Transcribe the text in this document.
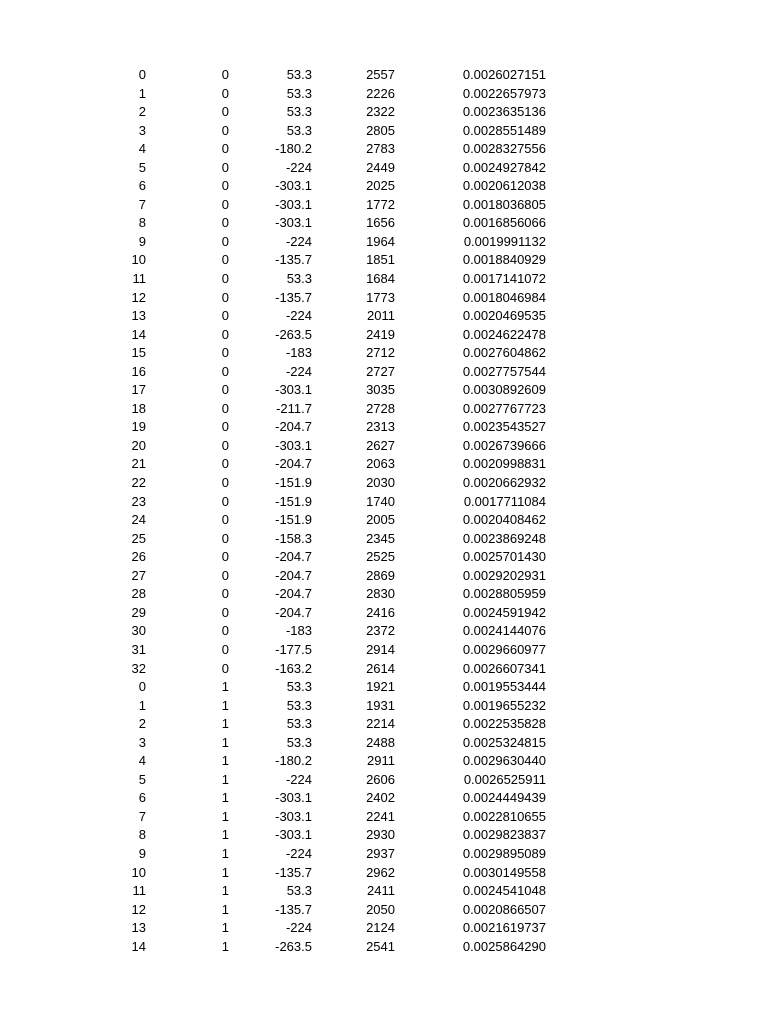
0	0	53.3	2557	0.0026027151
1	0	53.3	2226	0.0022657973
2	0	53.3	2322	0.0023635136
3	0	53.3	2805	0.0028551489
4	0	-180.2	2783	0.0028327556
5	0	-224	2449	0.0024927842
6	0	-303.1	2025	0.0020612038
7	0	-303.1	1772	0.0018036805
8	0	-303.1	1656	0.0016856066
9	0	-224	1964	0.0019991132
10	0	-135.7	1851	0.0018840929
11	0	53.3	1684	0.0017141072
12	0	-135.7	1773	0.0018046984
13	0	-224	2011	0.0020469535
14	0	-263.5	2419	0.0024622478
15	0	-183	2712	0.0027604862
16	0	-224	2727	0.0027757544
17	0	-303.1	3035	0.0030892609
18	0	-211.7	2728	0.0027767723
19	0	-204.7	2313	0.0023543527
20	0	-303.1	2627	0.0026739666
21	0	-204.7	2063	0.0020998831
22	0	-151.9	2030	0.0020662932
23	0	-151.9	1740	0.0017711084
24	0	-151.9	2005	0.0020408462
25	0	-158.3	2345	0.0023869248
26	0	-204.7	2525	0.0025701430
27	0	-204.7	2869	0.0029202931
28	0	-204.7	2830	0.0028805959
29	0	-204.7	2416	0.0024591942
30	0	-183	2372	0.0024144076
31	0	-177.5	2914	0.0029660977
32	0	-163.2	2614	0.0026607341
0	1	53.3	1921	0.0019553444
1	1	53.3	1931	0.0019655232
2	1	53.3	2214	0.0022535828
3	1	53.3	2488	0.0025324815
4	1	-180.2	2911	0.0029630440
5	1	-224	2606	0.0026525911
6	1	-303.1	2402	0.0024449439
7	1	-303.1	2241	0.0022810655
8	1	-303.1	2930	0.0029823837
9	1	-224	2937	0.0029895089
10	1	-135.7	2962	0.0030149558
11	1	53.3	2411	0.0024541048
12	1	-135.7	2050	0.0020866507
13	1	-224	2124	0.0021619737
14	1	-263.5	2541	0.0025864290
